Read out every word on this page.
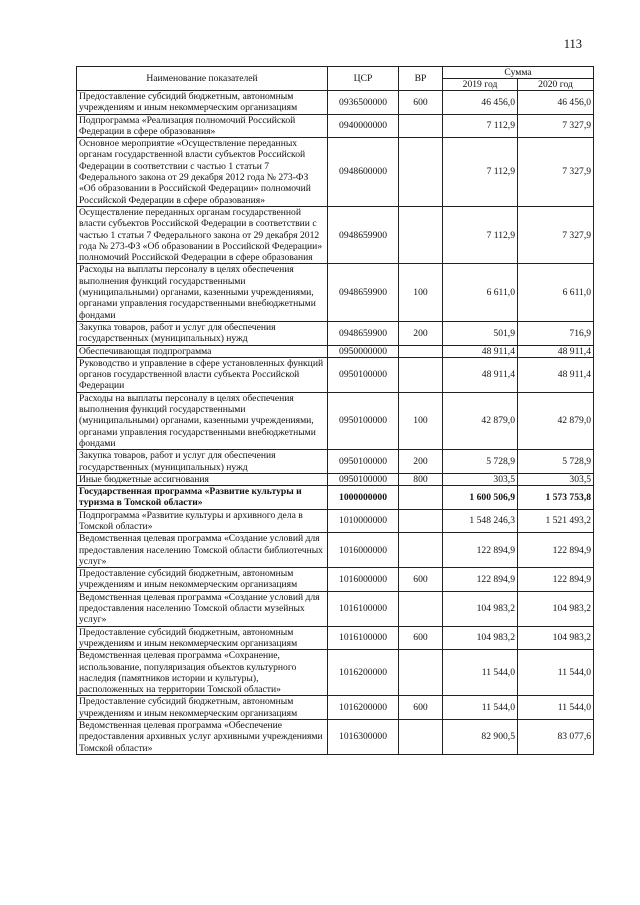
113
Наименование показателей	ЦСР	ВР	Сумма	
			2019 год	2020 год
Предоставление субсидий бюджетным, автономным учреждениям и иным некоммерческим организациям	0936500000	600	46 456,0	46 456,0
Подпрограмма «Реализация полномочий Российской Федерации в сфере образования»	0940000000		7 112,9	7 327,9
Основное мероприятие «Осуществление переданных органам государственной власти субъектов Российской Федерации в соответствии с частью 1 статьи 7 Федерального закона от 29 декабря 2012 года № 273-ФЗ «Об образовании в Российской Федерации» полномочий Российской Федерации в сфере образования»	0948600000		7 112,9	7 327,9
Осуществление переданных органам государственной власти субъектов Российской Федерации в соответствии с частью 1 статьи 7 Федерального закона от 29 декабря 2012 года № 273-ФЗ «Об образовании в Российской Федерации» полномочий Российской Федерации в сфере образования	0948659900		7 112,9	7 327,9
Расходы на выплаты персоналу в целях обеспечения выполнения функций государственными (муниципальными) органами, казенными учреждениями, органами управления государственными внебюджетными фондами	0948659900	100	6 611,0	6 611,0
Закупка товаров, работ и услуг для обеспечения государственных (муниципальных) нужд	0948659900	200	501,9	716,9
Обеспечивающая подпрограмма	0950000000		48 911,4	48 911,4
Руководство и управление в сфере установленных функций органов государственной власти субъекта Российской Федерации	0950100000		48 911,4	48 911,4
Расходы на выплаты персоналу в целях обеспечения выполнения функций государственными (муниципальными) органами, казенными учреждениями, органами управления государственными внебюджетными фондами	0950100000	100	42 879,0	42 879,0
Закупка товаров, работ и услуг для обеспечения государственных (муниципальных) нужд	0950100000	200	5 728,9	5 728,9
Иные бюджетные ассигнования	0950100000	800	303,5	303,5
Государственная программа «Развитие культуры и туризма в Томской области»	1000000000		1 600 506,9	1 573 753,8
Подпрограмма «Развитие культуры и архивного дела в Томской области»	1010000000		1 548 246,3	1 521 493,2
Ведомственная целевая программа «Создание условий для предоставления населению Томской области библиотечных услуг»	1016000000		122 894,9	122 894,9
Предоставление субсидий бюджетным, автономным учреждениям и иным некоммерческим организациям	1016000000	600	122 894,9	122 894,9
Ведомственная целевая программа «Создание условий для предоставления населению Томской области музейных услуг»	1016100000		104 983,2	104 983,2
Предоставление субсидий бюджетным, автономным учреждениям и иным некоммерческим организациям	1016100000	600	104 983,2	104 983,2
Ведомственная целевая программа «Сохранение, использование, популяризация объектов культурного наследия (памятников истории и культуры), расположенных на территории Томской области»	1016200000		11 544,0	11 544,0
Предоставление субсидий бюджетным, автономным учреждениям и иным некоммерческим организациям	1016200000	600	11 544,0	11 544,0
Ведомственная целевая программа «Обеспечение предоставления архивных услуг архивными учреждениями Томской области»	1016300000		82 900,5	83 077,6
